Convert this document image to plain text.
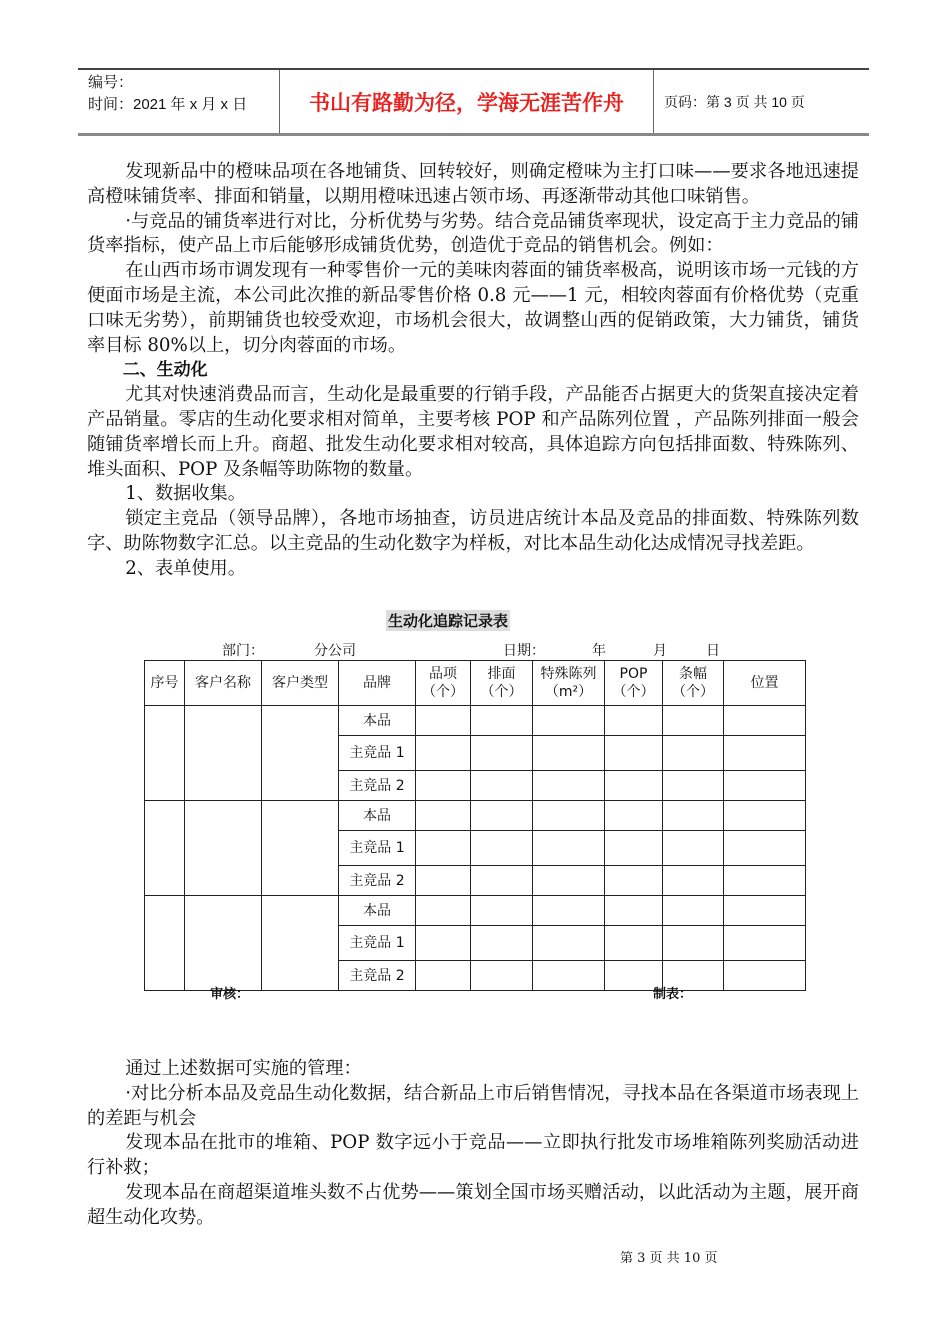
编号：
时间：2021 年 x 月 x 日	书山有路勤为径，学海无涯苦作舟	页码：第 3 页 共 10 页

发现新品中的橙味品项在各地铺货、回转较好，则确定橙味为主打口味——要求各地迅速提高橙味铺货率、排面和销量，以期用橙味迅速占领市场、再逐渐带动其他口味销售。

·与竞品的铺货率进行对比，分析优势与劣势。结合竞品铺货率现状，设定高于主力竞品的铺货率指标，使产品上市后能够形成铺货优势，创造优于竞品的销售机会。例如：

在山西市场市调发现有一种零售价一元的美味肉蓉面的铺货率极高，说明该市场一元钱的方便面市场是主流，本公司此次推的新品零售价格 0.8 元——1 元，相较肉蓉面有价格优势（克重口味无劣势），前期铺货也较受欢迎，市场机会很大，故调整山西的促销政策，大力铺货，铺货率目标 80%以上，切分肉蓉面的市场。

二、生动化

尤其对快速消费品而言，生动化是最重要的行销手段，产品能否占据更大的货架直接决定着产品销量。零店的生动化要求相对简单，主要考核 POP 和产品陈列位置 ，产品陈列排面一般会随铺货率增长而上升。商超、批发生动化要求相对较高，具体追踪方向包括排面数、特殊陈列、堆头面积、POP 及条幅等助陈物的数量。

1、数据收集。

锁定主竞品（领导品牌），各地市场抽查，访员进店统计本品及竞品的排面数、特殊陈列数字、助陈物数字汇总。以主竞品的生动化数字为样板，对比本品生动化达成情况寻找差距。

2、表单使用。

生动化追踪记录表
部门：	分公司	日期：	年	月	日
序号	客户名称	客户类型	品牌	品项（个）	排面（个）	特殊陈列（m²）	POP（个）	条幅（个）	位置
			本品						
			主竞品 1						
			主竞品 2						
			本品						
			主竞品 1						
			主竞品 2						
			本品						
			主竞品 1						
			主竞品 2						
审核：	制表：

通过上述数据可实施的管理：

·对比分析本品及竞品生动化数据，结合新品上市后销售情况，寻找本品在各渠道市场表现上的差距与机会

发现本品在批市的堆箱、POP 数字远小于竞品——立即执行批发市场堆箱陈列奖励活动进行补救；

发现本品在商超渠道堆头数不占优势——策划全国市场买赠活动，以此活动为主题，展开商超生动化攻势。

第 3 页 共 10 页
